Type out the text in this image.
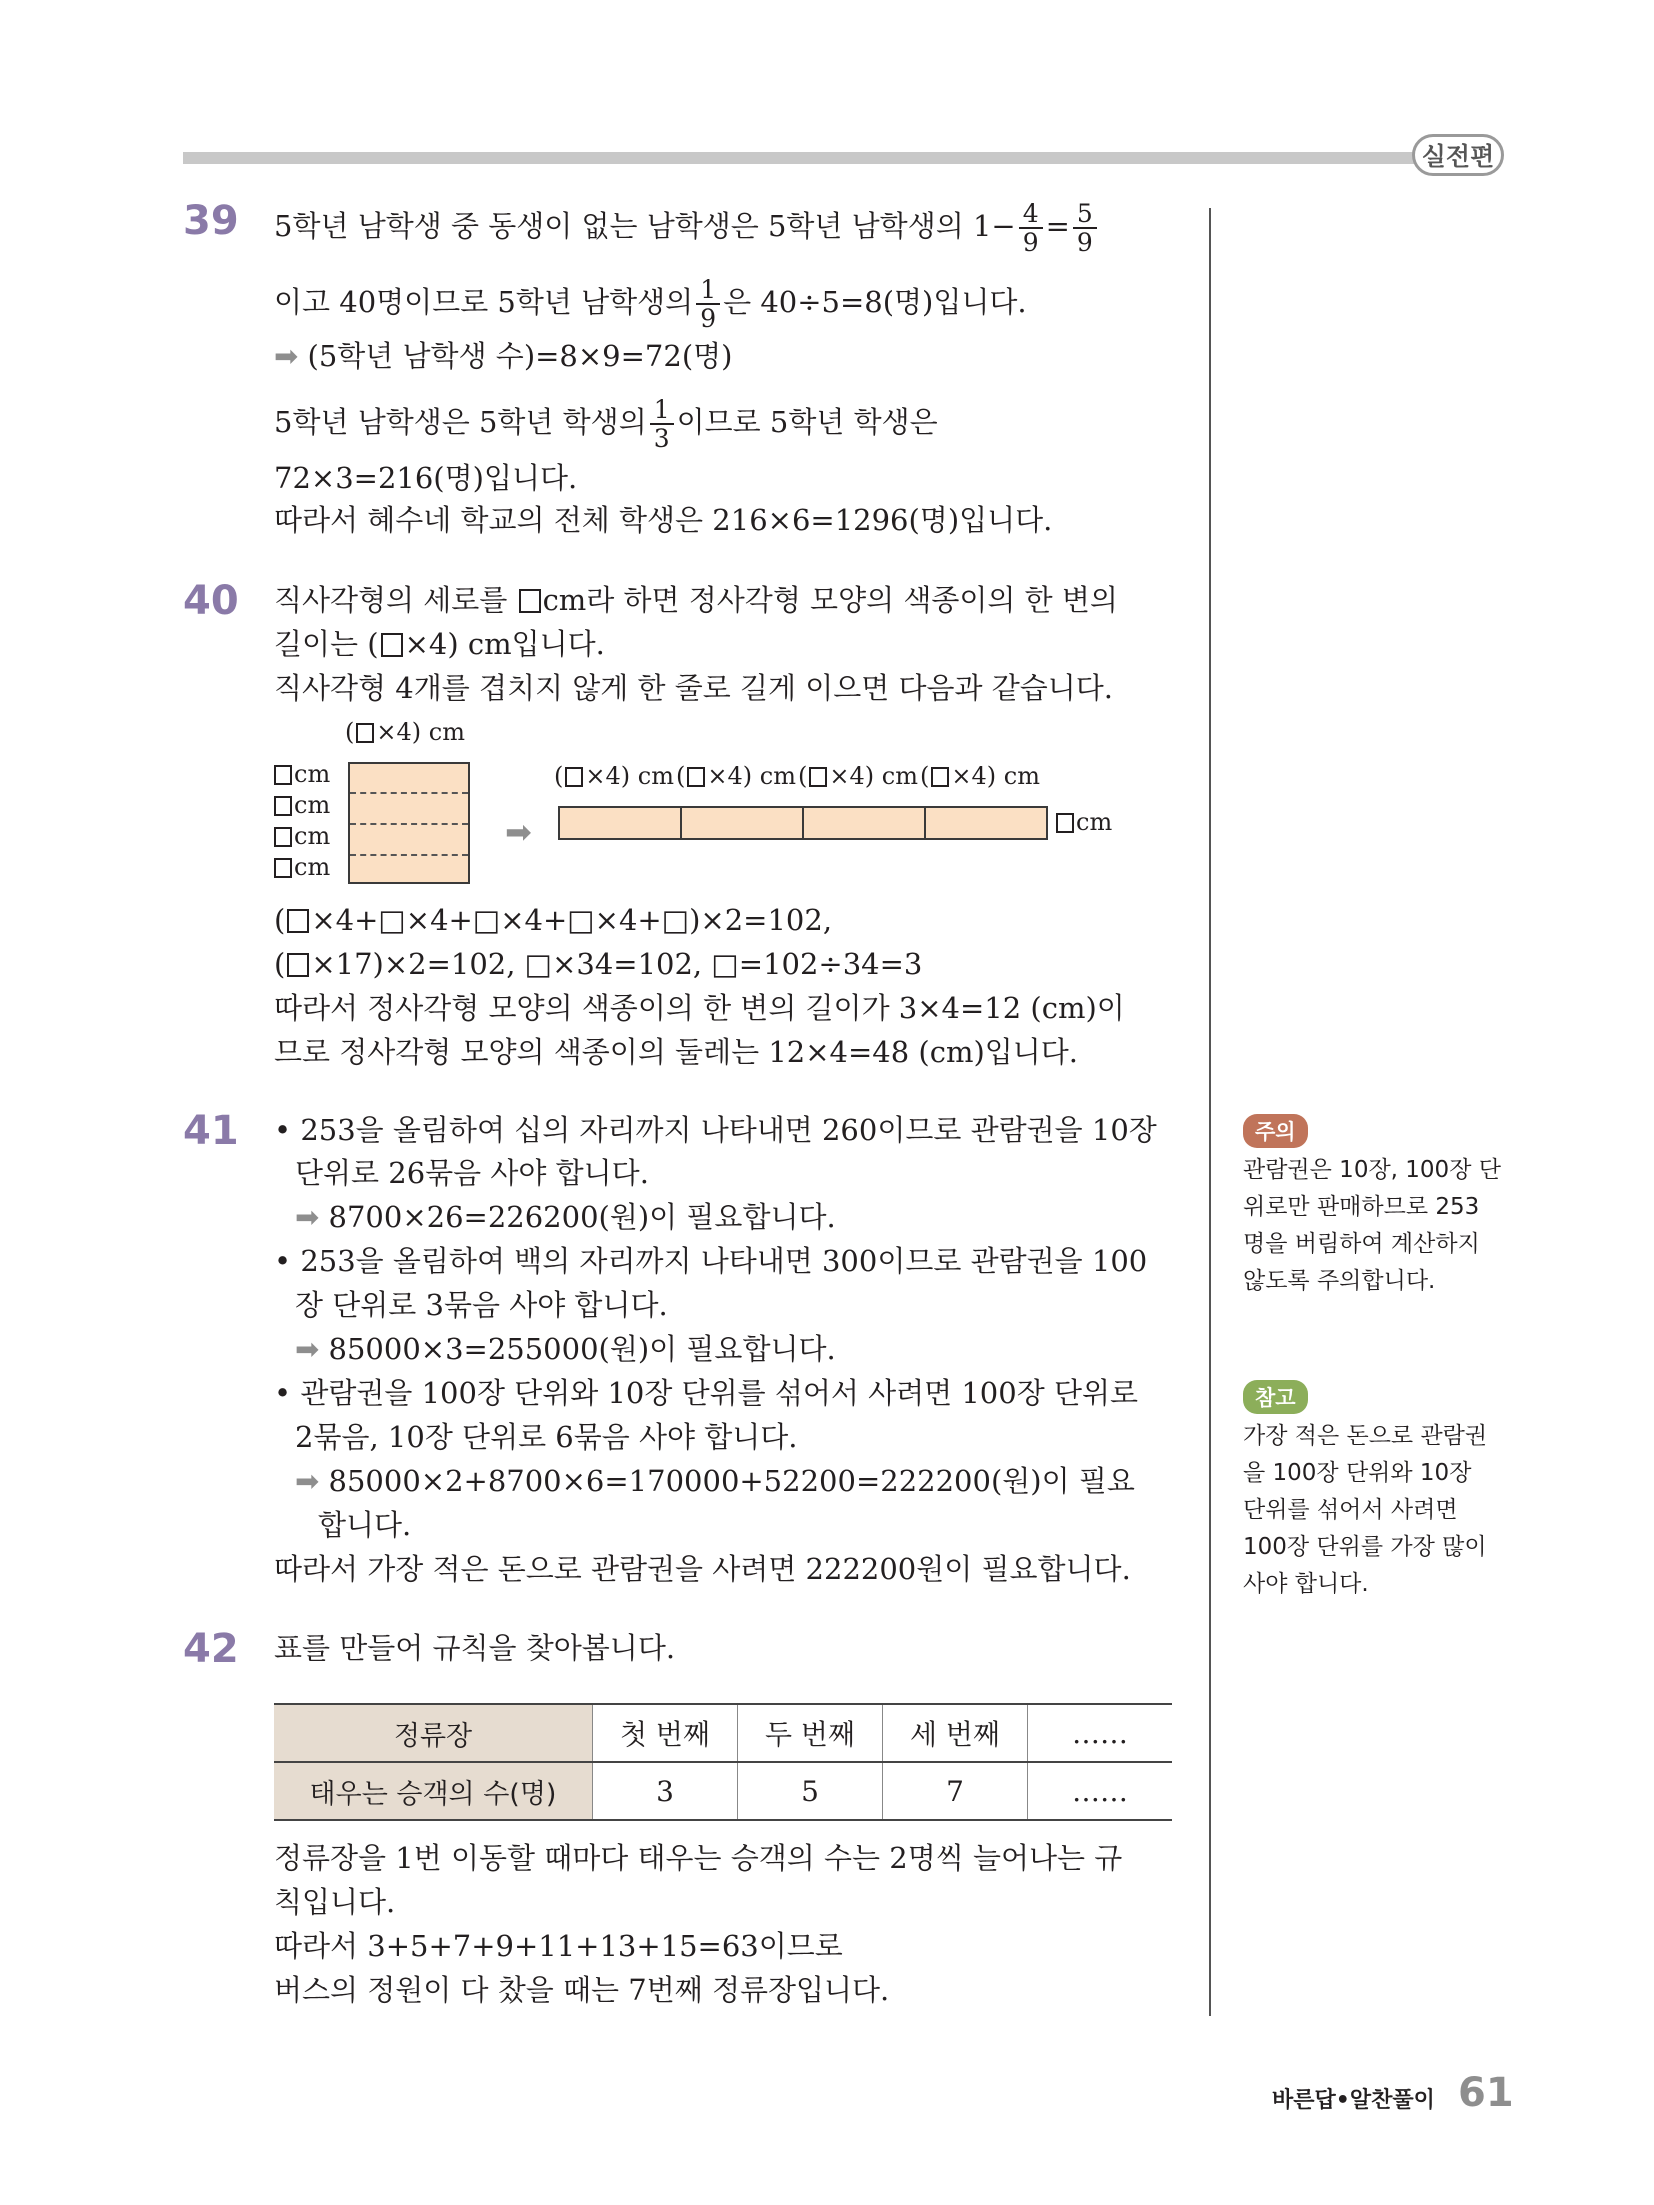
실전편
39 5학년 남학생 중 동생이 없는 남학생은 5학년 남학생의 $1- \frac{4}{9} = \frac{5}{9}$
이고 40명이므로 5학년 남학생의 $\frac{1}{9}$ 은 40÷5=8(명)입니다.
➡ (5학년 남학생 수)=8×9=72(명)
5학년 남학생은 5학년 학생의 $\frac{1}{3}$ 이므로 5학년 학생은
72×3=216(명)입니다.
따라서 혜수네 학교의 전체 학생은 216×6=1296(명)입니다.
40 직사각형의 세로를 cm라 하면 정사각형 모양의 색종이의 한 변의
길이는 ( ×4) cm입니다.
직사각형 4개를 겹치지 않게 한 줄로 길게 이으면 다음과 같습니다.
( ×4) cm
cm
cm
cm
cm
➡
( ×4) cm ( ×4) cm ( ×4) cm ( ×4) cm
cm
( ×4+□×4+□×4+□×4+□)×2=102,
( ×17)×2=102, □×34=102, □=102÷34=3
따라서 정사각형 모양의 색종이의 한 변의 길이가 3×4=12 (cm)이
므로 정사각형 모양의 색종이의 둘레는 12×4=48 (cm)입니다.
41 • 253을 올림하여 십의 자리까지 나타내면 260이므로 관람권을 10장
단위로 26묶음 사야 합니다.
➡ 8700×26=226200(원)이 필요합니다.
• 253을 올림하여 백의 자리까지 나타내면 300이므로 관람권을 100
장 단위로 3묶음 사야 합니다.
➡ 85000×3=255000(원)이 필요합니다.
• 관람권을 100장 단위와 10장 단위를 섞어서 사려면 100장 단위로
2묶음, 10장 단위로 6묶음 사야 합니다.
➡ 85000×2+8700×6=170000+52200=222200(원)이 필요
합니다.
따라서 가장 적은 돈으로 관람권을 사려면 222200원이 필요합니다.
주의
관람권은 10장, 100장 단
위로만 판매하므로 253
명을 버림하여 계산하지
않도록 주의합니다.
참고
가장 적은 돈으로 관람권
을 100장 단위와 10장
단위를 섞어서 사려면
100장 단위를 가장 많이
사야 합니다.
42 표를 만들어 규칙을 찾아봅니다.
정류장	첫 번째	두 번째	세 번째	……
태우는 승객의 수(명)	3	5	7	……
정류장을 1번 이동할 때마다 태우는 승객의 수는 2명씩 늘어나는 규
칙입니다.
따라서 3+5+7+9+11+13+15=63이므로
버스의 정원이 다 찼을 때는 7번째 정류장입니다.
바른답•알찬풀이 61
